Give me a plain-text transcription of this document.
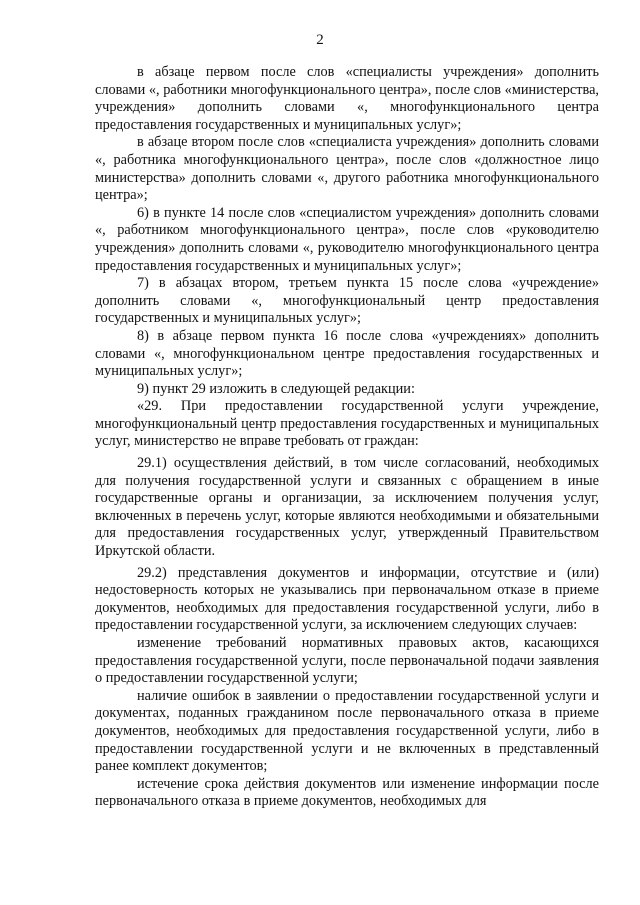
2

в абзаце первом после слов «специалисты учреждения» дополнить словами «, работники многофункционального центра», после слов «министерства, учреждения» дополнить словами «, многофункционального центра предоставления государственных и муниципальных услуг»;

в абзаце втором после слов «специалиста учреждения» дополнить словами «, работника многофункционального центра», после слов «должностное лицо министерства» дополнить словами «, другого работника многофункционального центра»;

6) в пункте 14 после слов «специалистом учреждения» дополнить словами «, работником многофункционального центра», после слов «руководителю учреждения» дополнить словами «, руководителю многофункционального центра предоставления государственных и муниципальных услуг»;

7) в абзацах втором, третьем пункта 15 после слова «учреждение» дополнить словами «, многофункциональный центр предоставления государственных и муниципальных услуг»;

8) в абзаце первом пункта 16 после слова «учреждениях» дополнить словами «, многофункциональном центре предоставления государственных и муниципальных услуг»;

9) пункт 29 изложить в следующей редакции:

«29. При предоставлении государственной услуги учреждение, многофункциональный центр предоставления государственных и муниципальных услуг, министерство не вправе требовать от граждан:

29.1) осуществления действий, в том числе согласований, необходимых для получения государственной услуги и связанных с обращением в иные государственные органы и организации, за исключением получения услуг, включенных в перечень услуг, которые являются необходимыми и обязательными для предоставления государственных услуг, утвержденный Правительством Иркутской области.

29.2) представления документов и информации, отсутствие и (или) недостоверность которых не указывались при первоначальном отказе в приеме документов, необходимых для предоставления государственной услуги, либо в предоставлении государственной услуги, за исключением следующих случаев:

изменение требований нормативных правовых актов, касающихся предоставления государственной услуги, после первоначальной подачи заявления о предоставлении государственной услуги;

наличие ошибок в заявлении о предоставлении государственной услуги и документах, поданных гражданином после первоначального отказа в приеме документов, необходимых для предоставления государственной услуги, либо в предоставлении государственной услуги и не включенных в представленный ранее комплект документов;

истечение срока действия документов или изменение информации после первоначального отказа в приеме документов, необходимых для
